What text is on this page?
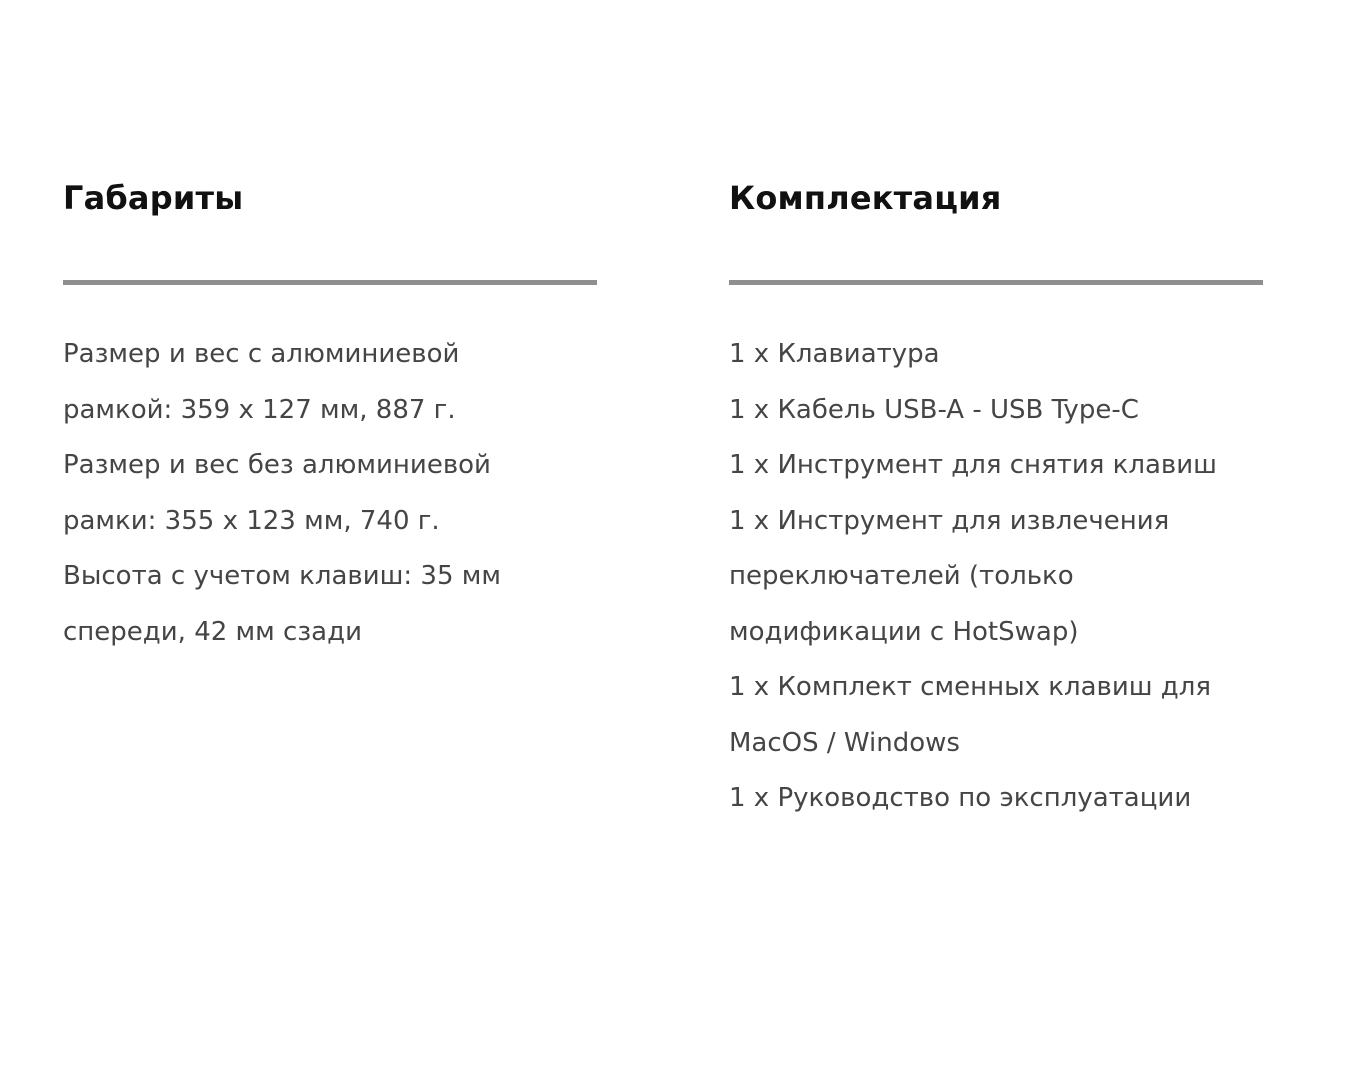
Габариты
Размер и вес с алюминиевой
рамкой: 359 x 127 мм, 887 г.
Размер и вес без алюминиевой
рамки: 355 x 123 мм, 740 г.
Высота с учетом клавиш: 35 мм
спереди, 42 мм сзади
Комплектация
1 x Клавиатура
1 x Кабель USB-A - USB Type-C
1 x Инструмент для снятия клавиш
1 x Инструмент для извлечения
переключателей (только
модификации с HotSwap)
1 x Комплект сменных клавиш для
MacOS / Windows
1 x Руководство по эксплуатации
